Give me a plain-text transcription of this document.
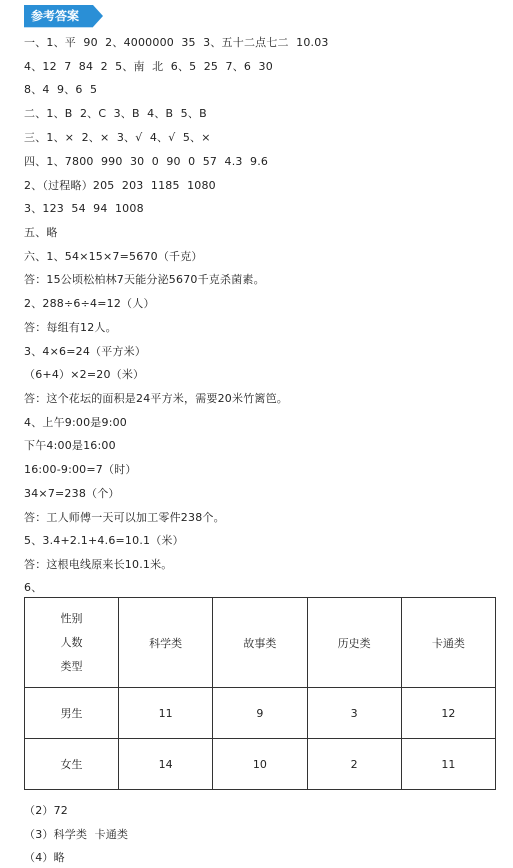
参考答案
一、1、平  90  2、4000000  35  3、五十二点七二  10.03
4、12  7  84  2  5、南  北  6、5  25  7、6  30
8、4  9、6  5
二、1、B  2、C  3、B  4、B  5、B
三、1、×  2、×  3、√  4、√  5、×
四、1、7800  990  30  0  90  0  57  4.3  9.6
2、（过程略）205  203  1185  1080
3、123  54  94  1008
五、略
六、1、54×15×7=5670（千克）
答：15公顷松柏林7天能分泌5670千克杀菌素。
2、288÷6÷4=12（人）
答：每组有12人。
3、4×6=24（平方米）
（6+4）×2=20（米）
答：这个花坛的面积是24平方米，需要20米竹篱笆。
4、上午9:00是9:00
下午4:00是16:00
16:00-9:00=7（时）
34×7=238（个）
答：工人师傅一天可以加工零件238个。
5、3.4+2.1+4.6=10.1（米）
答：这根电线原来长10.1米。
6、
性别
人数
类型	科学类	故事类	历史类	卡通类
男生	11	9	3	12
女生	14	10	2	11
（2）72
（3）科学类  卡通类
（4）略
